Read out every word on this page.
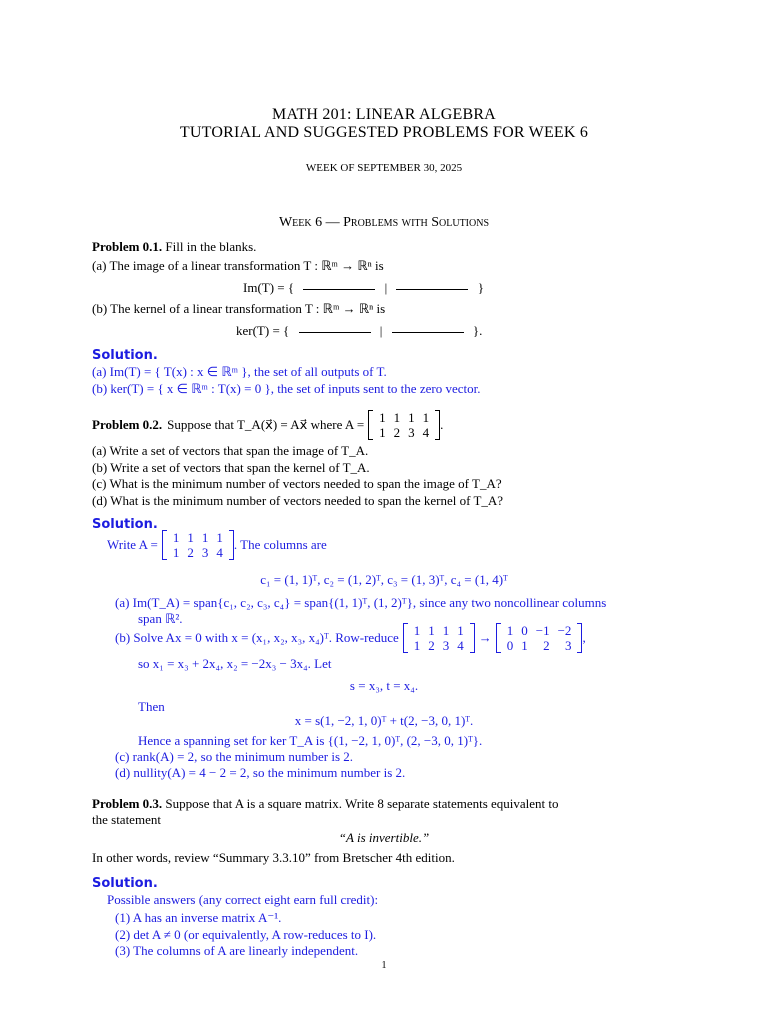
MATH 201: LINEAR ALGEBRA
TUTORIAL AND SUGGESTED PROBLEMS FOR WEEK 6
WEEK OF SEPTEMBER 30, 2025
Week 6 — Problems with Solutions
Problem 0.1. Fill in the blanks.
(a) The image of a linear transformation T : ℝᵐ → ℝⁿ is
Im(T) = {	|	}
(b) The kernel of a linear transformation T : ℝᵐ → ℝⁿ is
ker(T) = {	|	}.
Solution.
(a) Im(T) = { T(x) : x ∈ ℝᵐ }, the set of all outputs of T.
(b) ker(T) = { x ∈ ℝᵐ : T(x) = 0 }, the set of inputs sent to the zero vector.
Problem 0.2. Suppose that T_A(x⃗) = Ax⃗ where A = 1	1	1	1
1	2	3	4
.
(a) Write a set of vectors that span the image of T_A.
(b) Write a set of vectors that span the kernel of T_A.
(c) What is the minimum number of vectors needed to span the image of T_A?
(d) What is the minimum number of vectors needed to span the kernel of T_A?
Solution.
Write A = 1	1	1	1
1	2	3	4
. The columns are
c₁ = (1, 1)ᵀ, c₂ = (1, 2)ᵀ, c₃ = (1, 3)ᵀ, c₄ = (1, 4)ᵀ
(a) Im(T_A) = span{c₁, c₂, c₃, c₄} = span{(1, 1)ᵀ, (1, 2)ᵀ}, since any two noncollinear columns
span ℝ².
(b) Solve Ax = 0 with x = (x₁, x₂, x₃, x₄)ᵀ. Row-reduce 1	1	1	1
1	2	3	4
→ 1	0	−1	−2
0	1	2	3
,
so x₁ = x₃ + 2x₄, x₂ = −2x₃ − 3x₄. Let
s = x₃, t = x₄.
Then
x = s(1, −2, 1, 0)ᵀ + t(2, −3, 0, 1)ᵀ.
Hence a spanning set for ker T_A is {(1, −2, 1, 0)ᵀ, (2, −3, 0, 1)ᵀ}.
(c) rank(A) = 2, so the minimum number is 2.
(d) nullity(A) = 4 − 2 = 2, so the minimum number is 2.
Problem 0.3. Suppose that A is a square matrix. Write 8 separate statements equivalent to
the statement
“A is invertible.”
In other words, review “Summary 3.3.10” from Bretscher 4th edition.
Solution.
Possible answers (any correct eight earn full credit):
(1) A has an inverse matrix A⁻¹.
(2) det A ≠ 0 (or equivalently, A row-reduces to I).
(3) The columns of A are linearly independent.
1
